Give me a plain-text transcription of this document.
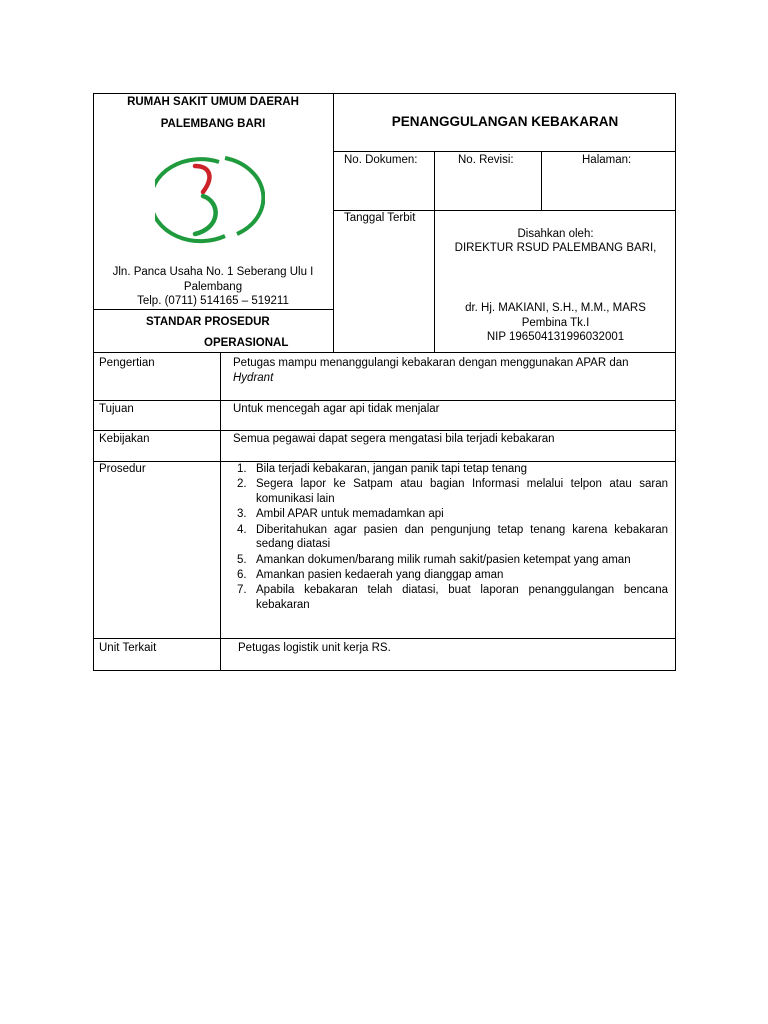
RUMAH SAKIT UMUM DAERAH
PALEMBANG BARI
Jln. Panca Usaha No. 1 Seberang Ulu I
Palembang
Telp. (0711) 514165 – 519211
STANDAR PROSEDUR
OPERASIONAL
PENANGGULANGAN KEBAKARAN
No. Dokumen:	No. Revisi:	Halaman:
Tanggal Terbit
Disahkan oleh:
DIREKTUR RSUD PALEMBANG BARI,
dr. Hj. MAKIANI, S.H., M.M., MARS
Pembina Tk.I
NIP 196504131996032001
Pengertian	Petugas mampu menanggulangi kebakaran dengan menggunakan APAR dan
Hydrant
Tujuan	Untuk mencegah agar api tidak menjalar
Kebijakan	Semua pegawai dapat segera mengatasi bila terjadi kebakaran
Prosedur	1. Bila terjadi kebakaran, jangan panik tapi tetap tenang
2. Segera lapor ke Satpam atau bagian Informasi melalui telpon atau saran komunikasi lain
3. Ambil APAR untuk memadamkan api
4. Diberitahukan agar pasien dan pengunjung tetap tenang karena kebakaran sedang diatasi
5. Amankan dokumen/barang milik rumah sakit/pasien ketempat yang aman
6. Amankan pasien kedaerah yang dianggap aman
7. Apabila kebakaran telah diatasi, buat laporan penanggulangan bencana kebakaran
Unit Terkait	Petugas logistik unit kerja RS.
